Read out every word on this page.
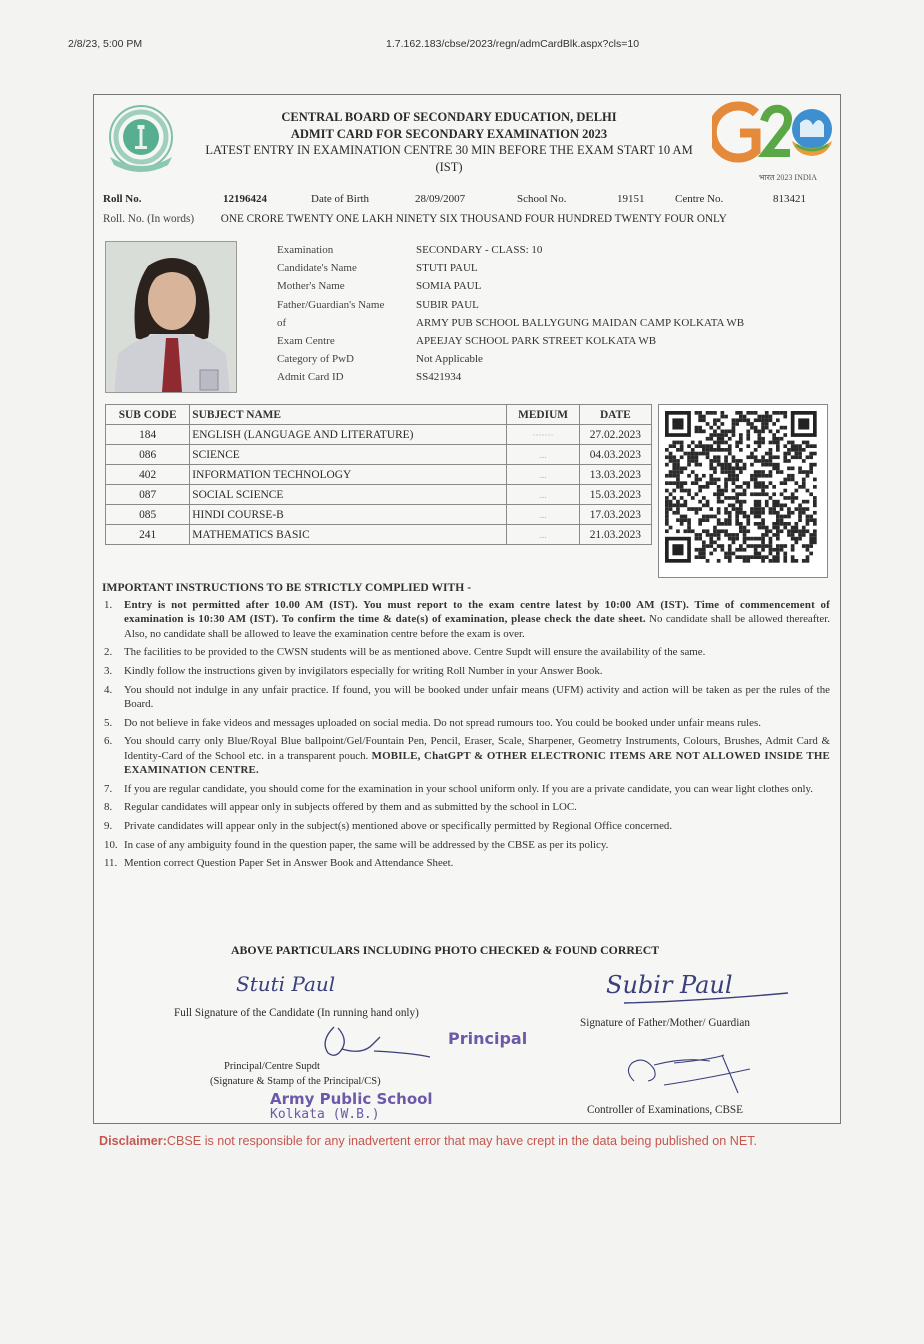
2/8/23, 5:00 PM	1.7.162.183/cbse/2023/regn/admCardBlk.aspx?cls=10
भारत 2023 INDIA
CENTRAL BOARD OF SECONDARY EDUCATION, DELHI
ADMIT CARD FOR SECONDARY EXAMINATION 2023
LATEST ENTRY IN EXAMINATION CENTRE 30 MIN BEFORE THE EXAM START 10 AM
(IST)
Roll No.	12196424	Date of Birth	28/09/2007	School No.	19151	Centre No.	813421
Roll. No. (In words) ONE CRORE TWENTY ONE LAKH NINETY SIX THOUSAND FOUR HUNDRED TWENTY FOUR ONLY
Examination	SECONDARY - CLASS: 10
Candidate's Name	STUTI PAUL
Mother's Name	SOMIA PAUL
Father/Guardian's Name	SUBIR PAUL
of	ARMY PUB SCHOOL BALLYGUNG MAIDAN CAMP KOLKATA WB
Exam Centre	APEEJAY SCHOOL PARK STREET KOLKATA WB
Category of PwD	Not Applicable
Admit Card ID	SS421934
SUB CODE	SUBJECT NAME	MEDIUM	DATE
184	ENGLISH (LANGUAGE AND LITERATURE)	·······	27.02.2023
086	SCIENCE	...	04.03.2023
402	INFORMATION TECHNOLOGY	...	13.03.2023
087	SOCIAL SCIENCE	...	15.03.2023
085	HINDI COURSE-B	...	17.03.2023
241	MATHEMATICS BASIC	...	21.03.2023
IMPORTANT INSTRUCTIONS TO BE STRICTLY COMPLIED WITH -
1.	Entry is not permitted after 10.00 AM (IST). You must report to the exam centre latest by 10:00 AM (IST). Time of commencement of examination is 10:30 AM (IST). To confirm the time & date(s) of examination, please check the date sheet. No candidate shall be allowed thereafter. Also, no candidate shall be allowed to leave the examination centre before the exam is over.
2.	The facilities to be provided to the CWSN students will be as mentioned above. Centre Supdt will ensure the availability of the same.
3.	Kindly follow the instructions given by invigilators especially for writing Roll Number in your Answer Book.
4.	You should not indulge in any unfair practice. If found, you will be booked under unfair means (UFM) activity and action will be taken as per the rules of the Board.
5.	Do not believe in fake videos and messages uploaded on social media. Do not spread rumours too. You could be booked under unfair means rules.
6.	You should carry only Blue/Royal Blue ballpoint/Gel/Fountain Pen, Pencil, Eraser, Scale, Sharpener, Geometry Instruments, Colours, Brushes, Admit Card & Identity-Card of the School etc. in a transparent pouch. MOBILE, ChatGPT & OTHER ELECTRONIC ITEMS ARE NOT ALLOWED INSIDE THE EXAMINATION CENTRE.
7.	If you are regular candidate, you should come for the examination in your school uniform only. If you are a private candidate, you can wear light clothes only.
8.	Regular candidates will appear only in subjects offered by them and as submitted by the school in LOC.
9.	Private candidates will appear only in the subject(s) mentioned above or specifically permitted by Regional Office concerned.
10. In case of any ambiguity found in the question paper, the same will be addressed by the CBSE as per its policy.
11. Mention correct Question Paper Set in Answer Book and Attendance Sheet.
ABOVE PARTICULARS INCLUDING PHOTO CHECKED & FOUND CORRECT
Stuti Paul
Full Signature of the Candidate (In running hand only)
Subir Paul
Signature of Father/Mother/ Guardian
Principal/Centre Supdt
(Signature & Stamp of the Principal/CS)
Principal
Army Public School
Kolkata (W.B.)	Controller of Examinations, CBSE
Disclaimer:CBSE is not responsible for any inadvertent error that may have crept in the data being published on NET.
